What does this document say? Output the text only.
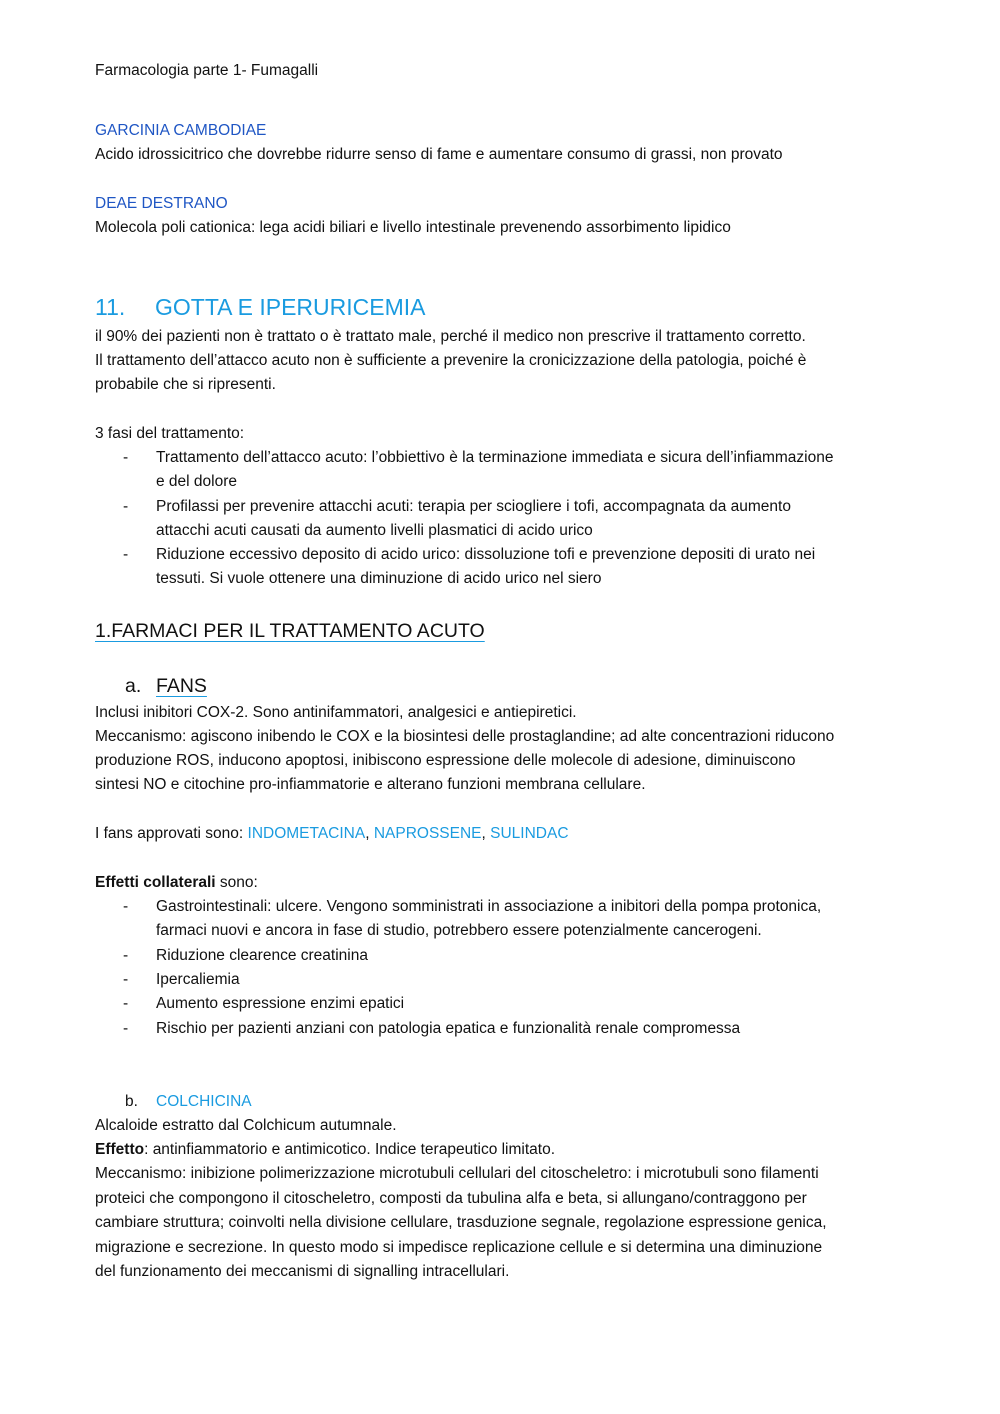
Farmacologia parte 1- Fumagalli
GARCINIA CAMBODIAE
Acido idrossicitrico che dovrebbe ridurre senso di fame e aumentare consumo di grassi, non provato
DEAE DESTRANO
Molecola poli cationica: lega acidi biliari e livello intestinale prevenendo assorbimento lipidico
11. GOTTA E IPERURICEMIA
il 90% dei pazienti non è trattato o è trattato male, perché il medico non prescrive il trattamento corretto.
Il trattamento dell’attacco acuto non è sufficiente a prevenire la cronicizzazione della patologia, poiché è
probabile che si ripresenti.
3 fasi del trattamento:
- Trattamento dell’attacco acuto: l’obbiettivo è la terminazione immediata e sicura dell’infiammazione
e del dolore
- Profilassi per prevenire attacchi acuti: terapia per sciogliere i tofi, accompagnata da aumento
attacchi acuti causati da aumento livelli plasmatici di acido urico
- Riduzione eccessivo deposito di acido urico: dissoluzione tofi e prevenzione depositi di urato nei
tessuti. Si vuole ottenere una diminuzione di acido urico nel siero
1.FARMACI PER IL TRATTAMENTO ACUTO
a. FANS
Inclusi inibitori COX-2. Sono antinifammatori, analgesici e antiepiretici.
Meccanismo: agiscono inibendo le COX e la biosintesi delle prostaglandine; ad alte concentrazioni riducono
produzione ROS, inducono apoptosi, inibiscono espressione delle molecole di adesione, diminuiscono
sintesi NO e citochine pro-infiammatorie e alterano funzioni membrana cellulare.
I fans approvati sono: INDOMETACINA, NAPROSSENE, SULINDAC
Effetti collaterali sono:
- Gastrointestinali: ulcere. Vengono somministrati in associazione a inibitori della pompa protonica,
farmaci nuovi e ancora in fase di studio, potrebbero essere potenzialmente cancerogeni.
- Riduzione clearence creatinina
- Ipercaliemia
- Aumento espressione enzimi epatici
- Rischio per pazienti anziani con patologia epatica e funzionalità renale compromessa
b. COLCHICINA
Alcaloide estratto dal Colchicum autumnale.
Effetto: antinfiammatorio e antimicotico. Indice terapeutico limitato.
Meccanismo: inibizione polimerizzazione microtubuli cellulari del citoscheletro: i microtubuli sono filamenti
proteici che compongono il citoscheletro, composti da tubulina alfa e beta, si allungano/contraggono per
cambiare struttura; coinvolti nella divisione cellulare, trasduzione segnale, regolazione espressione genica,
migrazione e secrezione. In questo modo si impedisce replicazione cellule e si determina una diminuzione
del funzionamento dei meccanismi di signalling intracellulari.
